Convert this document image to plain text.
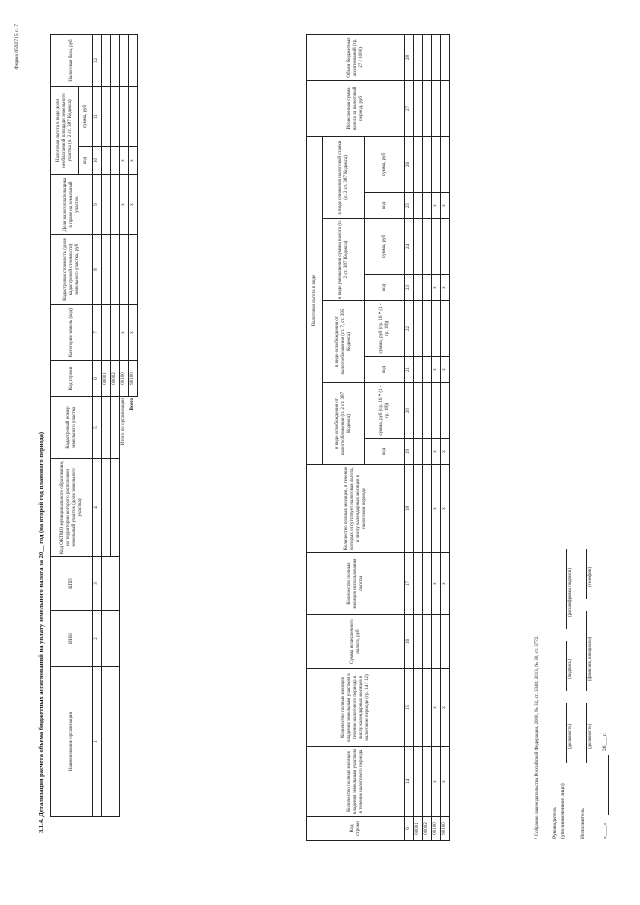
Форма 0592715 с. 7
3.1.4. Детализация расчета объема бюджетных ассигнований на уплату земельного налога за 20__ год (на второй год планового периода)	Наименование организации	ИНН	КПП	Код ОКТМО муниципального образования, на территории которого расположен земельный участок (доля земельного участка)	Кадастровый номер земельного участка	Код строки	Категория земель (код)	Кадастровая стоимость (доля кадастровой стоимости) земельного участка, руб	Доля налогоплательщика в праве на земельный участок	Налоговая льгота в виде доли необлагаемой площади земельного участка (п. 2 ст. 387 Кодекса)		Налоговая база, руб	
									код	сумма, руб		
1	2	3	4	5	6	7	8	9	10	11	12	
					00001							
					00002							
Итого по организации					00100	x		x	x			
Всего					90100	x		x	x			
Код строки	Количество полных месяцев владения земельным участком в течение налогового периода	Количество полных месяцев владения земельным участком в течение налогового периода к числу календарных месяцев в налоговом периоде (гр. 14 / 12)	Сумма исчисленного налога, руб	Количество полных месяцев использования льготы	Количество полных месяцев, в течение которых отсутствует налоговая льгота, к числу календарных месяцев в налоговом периоде	Налоговая льгота в виде								Исчисленная сумма налога за налоговый период, руб	Объем бюджетных ассигнований (гр. 27 / 1000)
						в виде освобождения от налогообложения (п. 2 ст. 387 Кодекса)		в виде освобождения от налогообложения (ст. 7, ст. 395 Кодекса)		в виде уменьшения суммы налога (п. 2 ст. 387 Кодекса)		в виде снижения налоговой ставки (п. 2 ст. 387 Кодекса)			
						код	сумма, руб (гр. 16 * (1 - гр. 18))	код	сумма, руб (гр. 16 * (1 - гр. 18))	код	сумма, руб	код	сумма, руб		
6	14	15	16	17	18	19	20	21	22	23	24	25	26	27	28
00001															
00002															
00100	x	x		x	x	x		x		x		x			
90100	x	x		x	x	x		x		x		x			
¹ Собрание законодательства Российской Федерации, 2000, № 32, ст. 3340; 2013, № 30, ст. 3772. Руководитель (уполномоченное лицо)
(должность)
(подпись)
(расшифровка подписи)
Исполнитель
(должность)
(фамилия, инициалы)
(телефон)
«____»
20___ г.
